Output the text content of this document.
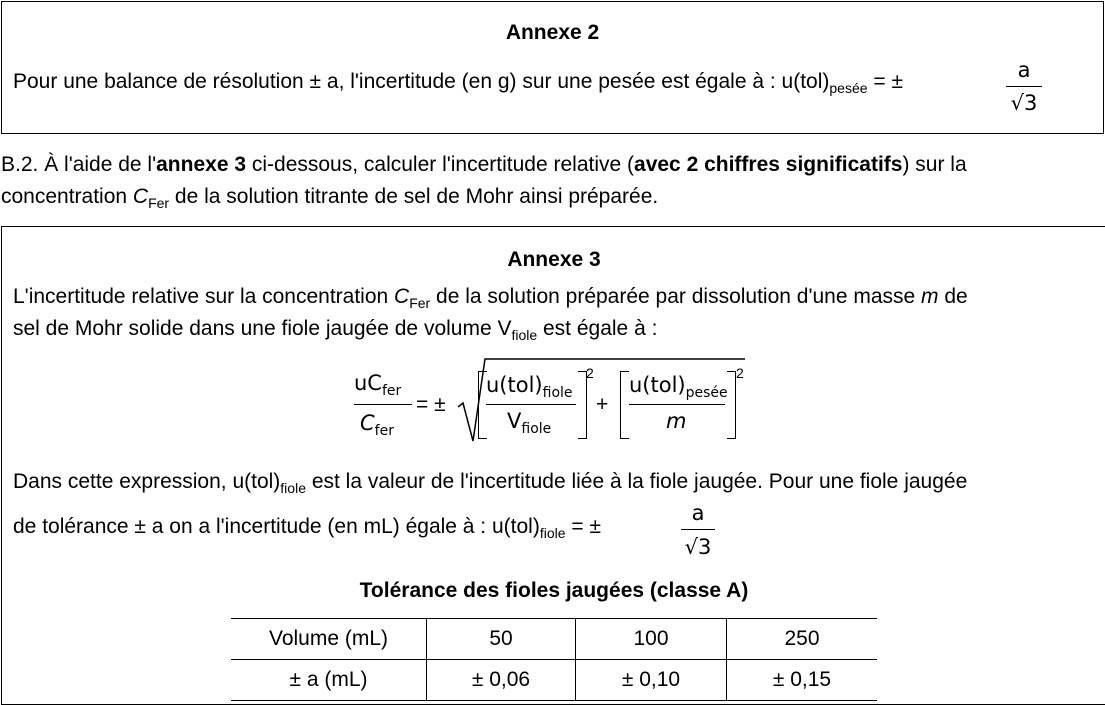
Annexe 2
Pour une balance de résolution ± a, l'incertitude (en g) sur une pesée est égale à : $u(tol)_{pesée}$ = ±	a
√3
B.2. À l'aide de l'annexe 3 ci-dessous, calculer l'incertitude relative (avec 2 chiffres significatifs) sur la
concentration $C_{Fer}$ de la solution titrante de sel de Mohr ainsi préparée.
Annexe 3
L'incertitude relative sur la concentration $C_{Fer}$ de la solution préparée par dissolution d'une masse m de
sel de Mohr solide dans une fiole jaugée de volume $V_{fiole}$ est égale à :
$uC_{fer}$
$C_{fer}$
= ±
$u(tol)_{fiole}$
$V_{fiole}$
2
+
$u(tol)_{pesée}$
m
2
Dans cette expression, $u(tol)_{fiole}$ est la valeur de l'incertitude liée à la fiole jaugée. Pour une fiole jaugée
de tolérance ± a on a l'incertitude (en mL) égale à : $u(tol)_{fiole}$ = ±
a
√3
Tolérance des fioles jaugées (classe A)
Volume (mL)	50	100	250
± a (mL)	± 0,06	± 0,10	± 0,15
